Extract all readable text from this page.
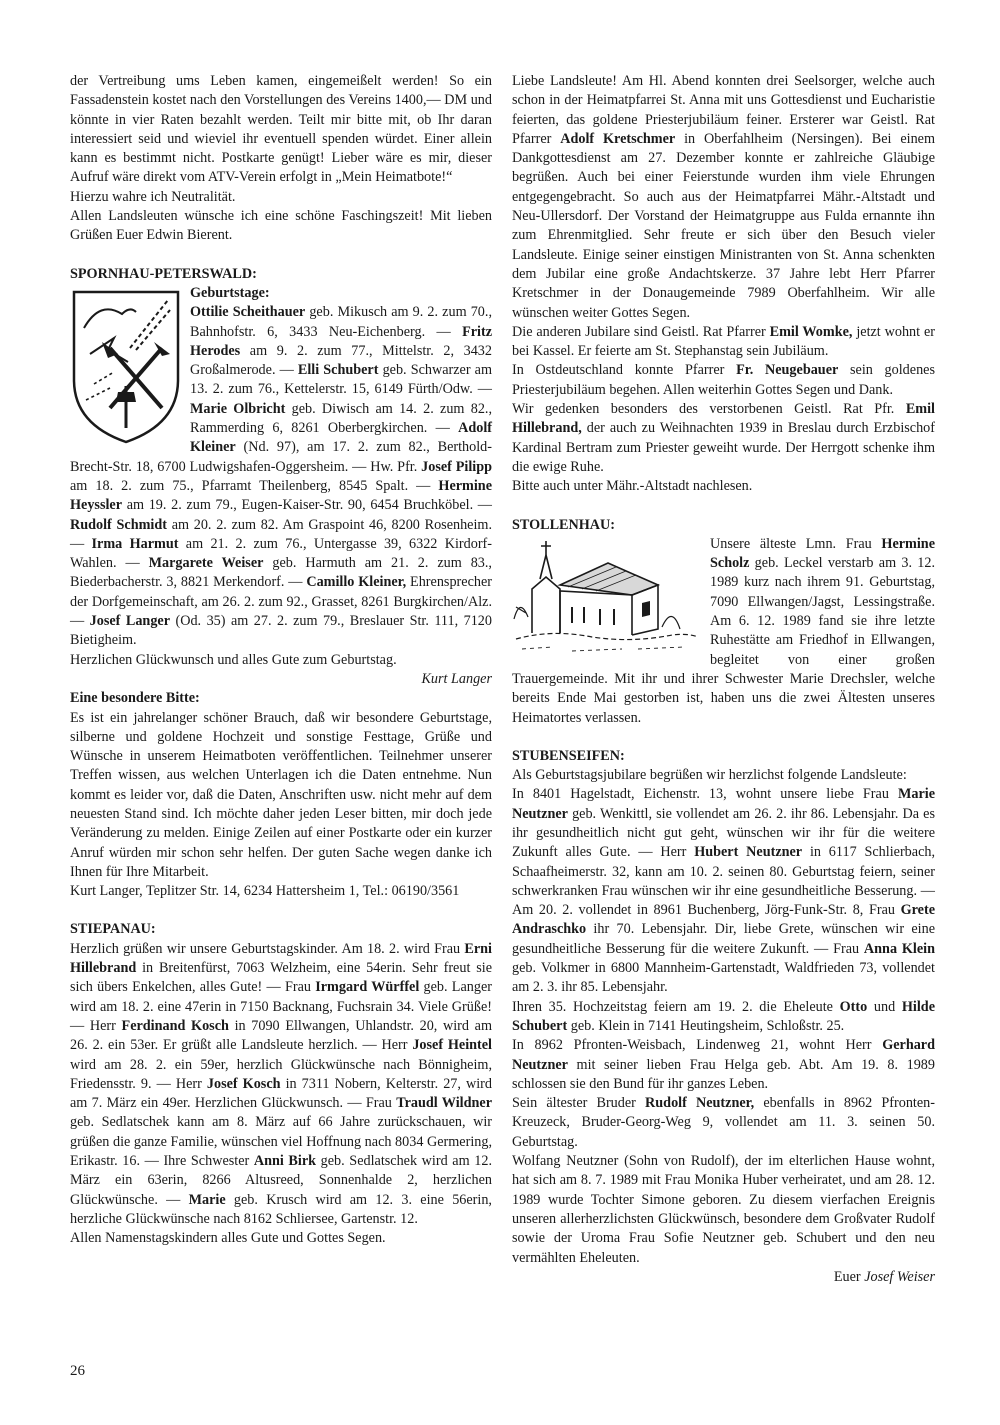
der Vertreibung ums Leben kamen, eingemeißelt werden! So ein Fassadenstein kostet nach den Vorstellungen des Vereins 1400,— DM und könnte in vier Raten bezahlt werden. Teilt mir bitte mit, ob Ihr daran interessiert seid und wieviel ihr eventuell spenden würdet. Einer allein kann es bestimmt nicht. Postkarte genügt! Lieber wäre es mir, dieser Aufruf wäre direkt vom ATV-Verein erfolgt in „Mein Heimatbote!“

Hierzu wahre ich Neutralität.

Allen Landsleuten wünsche ich eine schöne Faschingszeit! Mit lieben Grüßen Euer Edwin Bierent.

SPORNHAU-PETERSWALD:

Geburtstage:

Ottilie Scheithauer geb. Mikusch am 9. 2. zum 70., Bahnhofstr. 6, 3433 Neu-Eichenberg. — Fritz Herodes am 9. 2. zum 77., Mittelstr. 2, 3432 Großalmerode. — Elli Schubert geb. Schwarzer am 13. 2. zum 76., Kettelerstr. 15, 6149 Fürth/Odw. — Marie Olbricht geb. Diwisch am 14. 2. zum 82., Rammerding 6, 8261 Oberbergkirchen. — Adolf Kleiner (Nd. 97), am 17. 2. zum 82., Berthold-Brecht-Str. 18, 6700 Ludwigshafen-Oggersheim. — Hw. Pfr. Josef Pilipp am 18. 2. zum 75., Pfarramt Theilenberg, 8545 Spalt. — Hermine Heyssler am 19. 2. zum 79., Eugen-Kaiser-Str. 90, 6454 Bruchköbel. — Rudolf Schmidt am 20. 2. zum 82. Am Graspoint 46, 8200 Rosenheim. — Irma Harmut am 21. 2. zum 76., Untergasse 39, 6322 Kirdorf-Wahlen. — Margarete Weiser geb. Harmuth am 21. 2. zum 83., Biederbacherstr. 3, 8821 Merkendorf. — Camillo Kleiner, Ehrensprecher der Dorfgemeinschaft, am 26. 2. zum 92., Grasset, 8261 Burgkirchen/Alz. — Josef Langer (Od. 35) am 27. 2. zum 79., Breslauer Str. 111, 7120 Bietigheim.

Herzlichen Glückwunsch und alles Gute zum Geburtstag.

Kurt Langer

Eine besondere Bitte:

Es ist ein jahrelanger schöner Brauch, daß wir besondere Geburtstage, silberne und goldene Hochzeit und sonstige Festtage, Grüße und Wünsche in unserem Heimatboten veröffentlichen. Teilnehmer unserer Treffen wissen, aus welchen Unterlagen ich die Daten entnehme. Nun kommt es leider vor, daß die Daten, Anschriften usw. nicht mehr auf dem neuesten Stand sind. Ich möchte daher jeden Leser bitten, mir doch jede Veränderung zu melden. Einige Zeilen auf einer Postkarte oder ein kurzer Anruf würden mir schon sehr helfen. Der guten Sache wegen danke ich Ihnen für Ihre Mitarbeit.

Kurt Langer, Teplitzer Str. 14, 6234 Hattersheim 1, Tel.: 06190/3561

STIEPANAU:

Herzlich grüßen wir unsere Geburtstagskinder. Am 18. 2. wird Frau Erni Hillebrand in Breitenfürst, 7063 Welzheim, eine 54erin. Sehr freut sie sich übers Enkelchen, alles Gute! — Frau Irmgard Würffel geb. Langer wird am 18. 2. eine 47erin in 7150 Backnang, Fuchsrain 34. Viele Grüße! — Herr Ferdinand Kosch in 7090 Ellwangen, Uhlandstr. 20, wird am 26. 2. ein 53er. Er grüßt alle Landsleute herzlich. — Herr Josef Heintel wird am 28. 2. ein 59er, herzlich Glückwünsche nach Bönnigheim, Friedensstr. 9. — Herr Josef Kosch in 7311 Nobern, Kelterstr. 27, wird am 7. März ein 49er. Herzlichen Glückwunsch. — Frau Traudl Wildner geb. Sedlatschek kann am 8. März auf 66 Jahre zurückschauen, wir grüßen die ganze Familie, wünschen viel Hoffnung nach 8034 Germering, Erikastr. 16. — Ihre Schwester Anni Birk geb. Sedlatschek wird am 12. März ein 63erin, 8266 Altusreed, Sonnenhalde 2, herzlichen Glückwünsche. — Marie geb. Krusch wird am 12. 3. eine 56erin, herzliche Glückwünsche nach 8162 Schliersee, Gartenstr. 12.

Allen Namenstagskindern alles Gute und Gottes Segen.

Liebe Landsleute! Am Hl. Abend konnten drei Seelsorger, welche auch schon in der Heimatpfarrei St. Anna mit uns Gottesdienst und Eucharistie feierten, das goldene Priesterjubiläum feiner. Ersterer war Geistl. Rat Pfarrer Adolf Kretschmer in Oberfahlheim (Nersingen). Bei einem Dankgottesdienst am 27. Dezember konnte er zahlreiche Gläubige begrüßen. Auch bei einer Feierstunde wurden ihm viele Ehrungen entgegengebracht. So auch aus der Heimatpfarrei Mähr.-Altstadt und Neu-Ullersdorf. Der Vorstand der Heimatgruppe aus Fulda ernannte ihn zum Ehrenmitglied. Sehr freute er sich über den Besuch vieler Landsleute. Einige seiner einstigen Ministranten von St. Anna schenkten dem Jubilar eine große Andachtskerze. 37 Jahre lebt Herr Pfarrer Kretschmer in der Donaugemeinde 7989 Oberfahlheim. Wir alle wünschen weiter Gottes Segen.

Die anderen Jubilare sind Geistl. Rat Pfarrer Emil Womke, jetzt wohnt er bei Kassel. Er feierte am St. Stephanstag sein Jubiläum.

In Ostdeutschland konnte Pfarrer Fr. Neugebauer sein goldenes Priesterjubiläum begehen. Allen weiterhin Gottes Segen und Dank.

Wir gedenken besonders des verstorbenen Geistl. Rat Pfr. Emil Hillebrand, der auch zu Weihnachten 1939 in Breslau durch Erzbischof Kardinal Bertram zum Priester geweiht wurde. Der Herrgott schenke ihm die ewige Ruhe.

Bitte auch unter Mähr.-Altstadt nachlesen.

STOLLENHAU:

Unsere älteste Lmn. Frau Hermine Scholz geb. Leckel verstarb am 3. 12. 1989 kurz nach ihrem 91. Geburtstag, 7090 Ellwangen/Jagst, Lessingstraße. Am 6. 12. 1989 fand sie ihre letzte Ruhestätte am Friedhof in Ellwangen, begleitet von einer großen Trauergemeinde. Mit ihr und ihrer Schwester Marie Drechsler, welche bereits Ende Mai gestorben ist, haben uns die zwei Ältesten unseres Heimatortes verlassen.

STUBENSEIFEN:

Als Geburtstagsjubilare begrüßen wir herzlichst folgende Landsleute:

In 8401 Hagelstadt, Eichenstr. 13, wohnt unsere liebe Frau Marie Neutzner geb. Wenkittl, sie vollendet am 26. 2. ihr 86. Lebensjahr. Da es ihr gesundheitlich nicht gut geht, wünschen wir ihr für die weitere Zukunft alles Gute. — Herr Hubert Neutzner in 6117 Schlierbach, Schaafheimerstr. 32, kann am 10. 2. seinen 80. Geburtstag feiern, seiner schwerkranken Frau wünschen wir ihr eine gesundheitliche Besserung. — Am 20. 2. vollendet in 8961 Buchenberg, Jörg-Funk-Str. 8, Frau Grete Andraschko ihr 70. Lebensjahr. Dir, liebe Grete, wünschen wir eine gesundheitliche Besserung für die weitere Zukunft. — Frau Anna Klein geb. Volkmer in 6800 Mannheim-Gartenstadt, Waldfrieden 73, vollendet am 2. 3. ihr 85. Lebensjahr.

Ihren 35. Hochzeitstag feiern am 19. 2. die Eheleute Otto und Hilde Schubert geb. Klein in 7141 Heutingsheim, Schloßstr. 25.

In 8962 Pfronten-Weisbach, Lindenweg 21, wohnt Herr Gerhard Neutzner mit seiner lieben Frau Helga geb. Abt. Am 19. 8. 1989 schlossen sie den Bund für ihr ganzes Leben.

Sein ältester Bruder Rudolf Neutzner, ebenfalls in 8962 Pfronten-Kreuzeck, Bruder-Georg-Weg 9, vollendet am 11. 3. seinen 50. Geburtstag.

Wolfang Neutzner (Sohn von Rudolf), der im elterlichen Hause wohnt, hat sich am 8. 7. 1989 mit Frau Monika Huber verheiratet, und am 28. 12. 1989 wurde Tochter Simone geboren. Zu diesem vierfachen Ereignis unseren allerherzlichsten Glückwünsch, besondere dem Großvater Rudolf sowie der Uroma Frau Sofie Neutzner geb. Schubert und den neu vermählten Eheleuten.

Euer Josef Weiser

26
